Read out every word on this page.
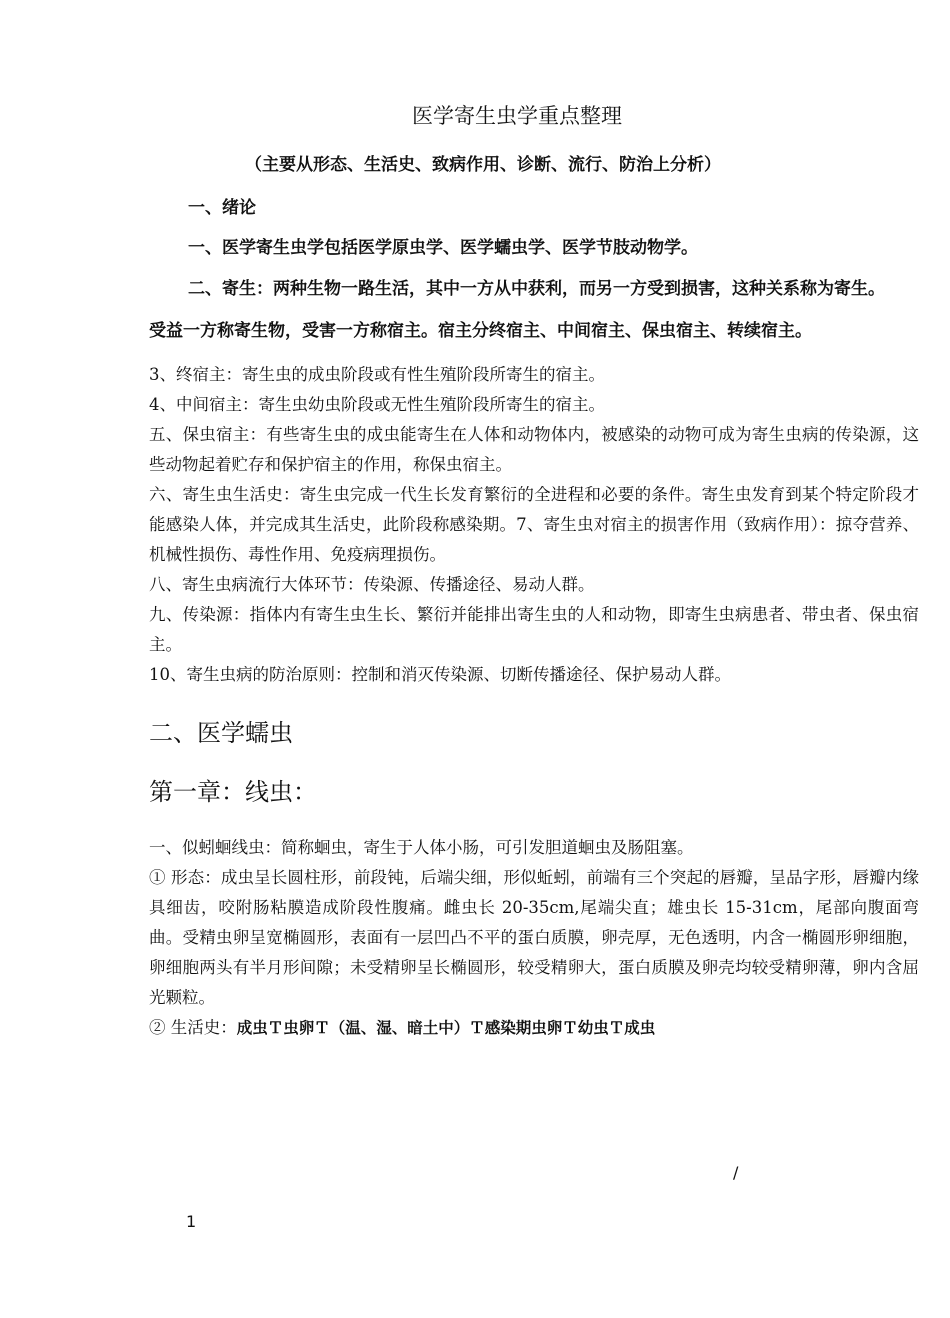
医学寄生虫学重点整理
（主要从形态、生活史、致病作用、诊断、流行、防治上分析）
一、绪论
一、医学寄生虫学包括医学原虫学、医学蠕虫学、医学节肢动物学。
二、寄生：两种生物一路生活，其中一方从中获利，而另一方受到损害，这种关系称为寄生。
受益一方称寄生物，受害一方称宿主。宿主分终宿主、中间宿主、保虫宿主、转续宿主。

3、终宿主：寄生虫的成虫阶段或有性生殖阶段所寄生的宿主。

4、中间宿主：寄生虫幼虫阶段或无性生殖阶段所寄生的宿主。

五、保虫宿主：有些寄生虫的成虫能寄生在人体和动物体内，被感染的动物可成为寄生虫病的传染源，这些动物起着贮存和保护宿主的作用，称保虫宿主。

六、寄生虫生活史：寄生虫完成一代生长发育繁衍的全进程和必要的条件。寄生虫发育到某个特定阶段才能感染人体，并完成其生活史，此阶段称感染期。7、寄生虫对宿主的损害作用（致病作用）：掠夺营养、机械性损伤、毒性作用、免疫病理损伤。

八、寄生虫病流行大体环节：传染源、传播途径、易动人群。

九、传染源：指体内有寄生虫生长、繁衍并能排出寄生虫的人和动物，即寄生虫病患者、带虫者、保虫宿主。

10、寄生虫病的防治原则：控制和消灭传染源、切断传播途径、保护易动人群。

二、医学蠕虫
第一章：线虫：

一、似蚓蛔线虫：简称蛔虫，寄生于人体小肠，可引发胆道蛔虫及肠阻塞。

① 形态：成虫呈长圆柱形，前段钝，后端尖细，形似蚯蚓，前端有三个突起的唇瓣，呈品字形，唇瓣内缘具细齿，咬附肠粘膜造成阶段性腹痛。雌虫长 20-35cm,尾端尖直；雄虫长 15-31cm，尾部向腹面弯曲。受精虫卵呈宽椭圆形，表面有一层凹凸不平的蛋白质膜，卵壳厚，无色透明，内含一椭圆形卵细胞，卵细胞两头有半月形间隙；未受精卵呈长椭圆形，较受精卵大，蛋白质膜及卵壳均较受精卵薄，卵内含屈光颗粒。

② 生活史：成虫Ｔ虫卵Ｔ（温、湿、暗土中）Ｔ感染期虫卵Ｔ幼虫Ｔ成虫

/
1
